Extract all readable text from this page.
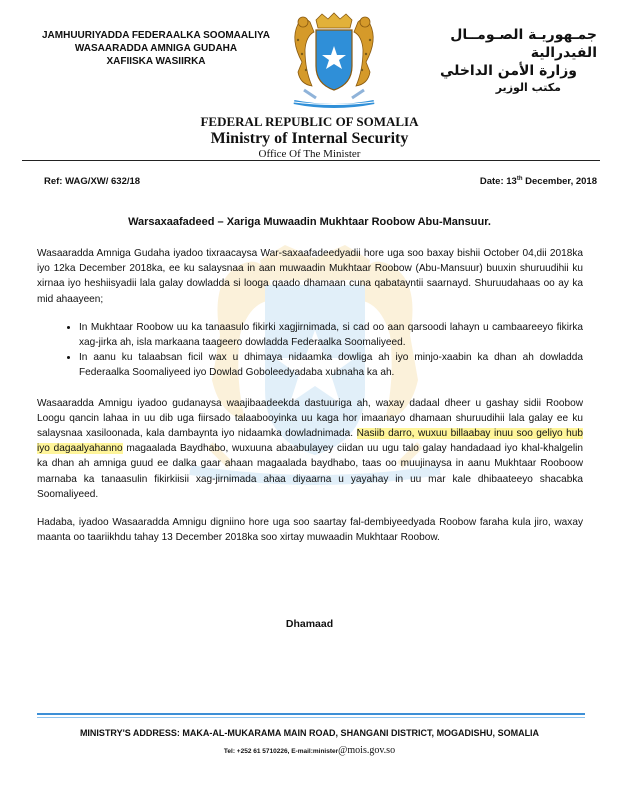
JAMHUURIYADDA FEDERAALKA SOOMAALIYA
WASAARADDA AMNIGA GUDAHA
XAFIISKA WASIIRKA
جمـهوريـة الصـومــال الفيدرالية
وزارة الأمن الداخلي
مكتب الوزير
FEDERAL REPUBLIC OF SOMALIA
Ministry of Internal Security
Office Of The Minister
Ref: WAG/XW/ 632/18	Date: 13th December, 2018
Warsaxaafadeed – Xariga Muwaadin Mukhtaar Roobow Abu-Mansuur.

Wasaaradda Amniga Gudaha iyadoo tixraacaysa War-saxaafadeedyadii hore uga soo baxay bishii October 04,dii 2018ka iyo 12ka December 2018ka, ee ku salaysnaa in aan muwaadin Mukhtaar Roobow (Abu-Mansuur) buuxin shuruudihii ku xirnaa iyo heshiisyadii lala galay dowladda si looga qaado dhamaan cuna qabatayntii saarnayd. Shuruudahaas oo ay ka mid ahaayeen;

• In Mukhtaar Roobow uu ka tanaasulo fikirki xagjirnimada, si cad oo aan qarsoodi lahayn u cambaareeyo fikirka xag-jirka ah, isla markaana taageero dowladda Federaalka Soomaliyeed.
• In aanu ku talaabsan ficil wax u dhimaya nidaamka dowliga ah iyo minjo-xaabin ka dhan ah dowladda Federaalka Soomaliyeed iyo Dowlad Goboleedyadaba xubnaha ka ah.

Wasaaradda Amnigu iyadoo gudanaysa waajibaadeekda dastuuriga ah, waxay dadaal dheer u gashay sidii Roobow Loogu qancin lahaa in uu dib uga fiirsado talaabooyinka uu kaga hor imaanayo dhamaan shuruudihii lala galay ee ku salaysnaa xasiloonada, kala dambaynta iyo nidaamka dowladnimada. Nasiib darro, wuxuu billaabay inuu soo geliyo hub iyo dagaalyahanno magaalada Baydhabo, wuxuuna abaabulayey ciidan uu ugu talo galay handadaad iyo khal-khalgelin ka dhan ah amniga guud ee dalka gaar ahaan magaalada baydhabo, taas oo muujinaysa in aanu Mukhtaar Rooboow marnaba ka tanaasulin fikirkiisii xag-jirnimada ahaa diyaarna u yayahay in uu mar kale dhibaateeyo shacabka Soomaliyeed.

Hadaba, iyadoo Wasaaradda Amnigu digniino hore uga soo saartay fal-dembiyeedyada Roobow faraha kula jiro, waxay maanta oo taariikhdu tahay 13 December 2018ka soo xirtay muwaadin Mukhtaar Roobow.

Dhamaad
MINISTRY'S ADDRESS: MAKA-AL-MUKARAMA MAIN ROAD, SHANGANI DISTRICT, MOGADISHU, SOMALIA
Tel: +252 61 5710226, E-mail:minister@mois.gov.so
